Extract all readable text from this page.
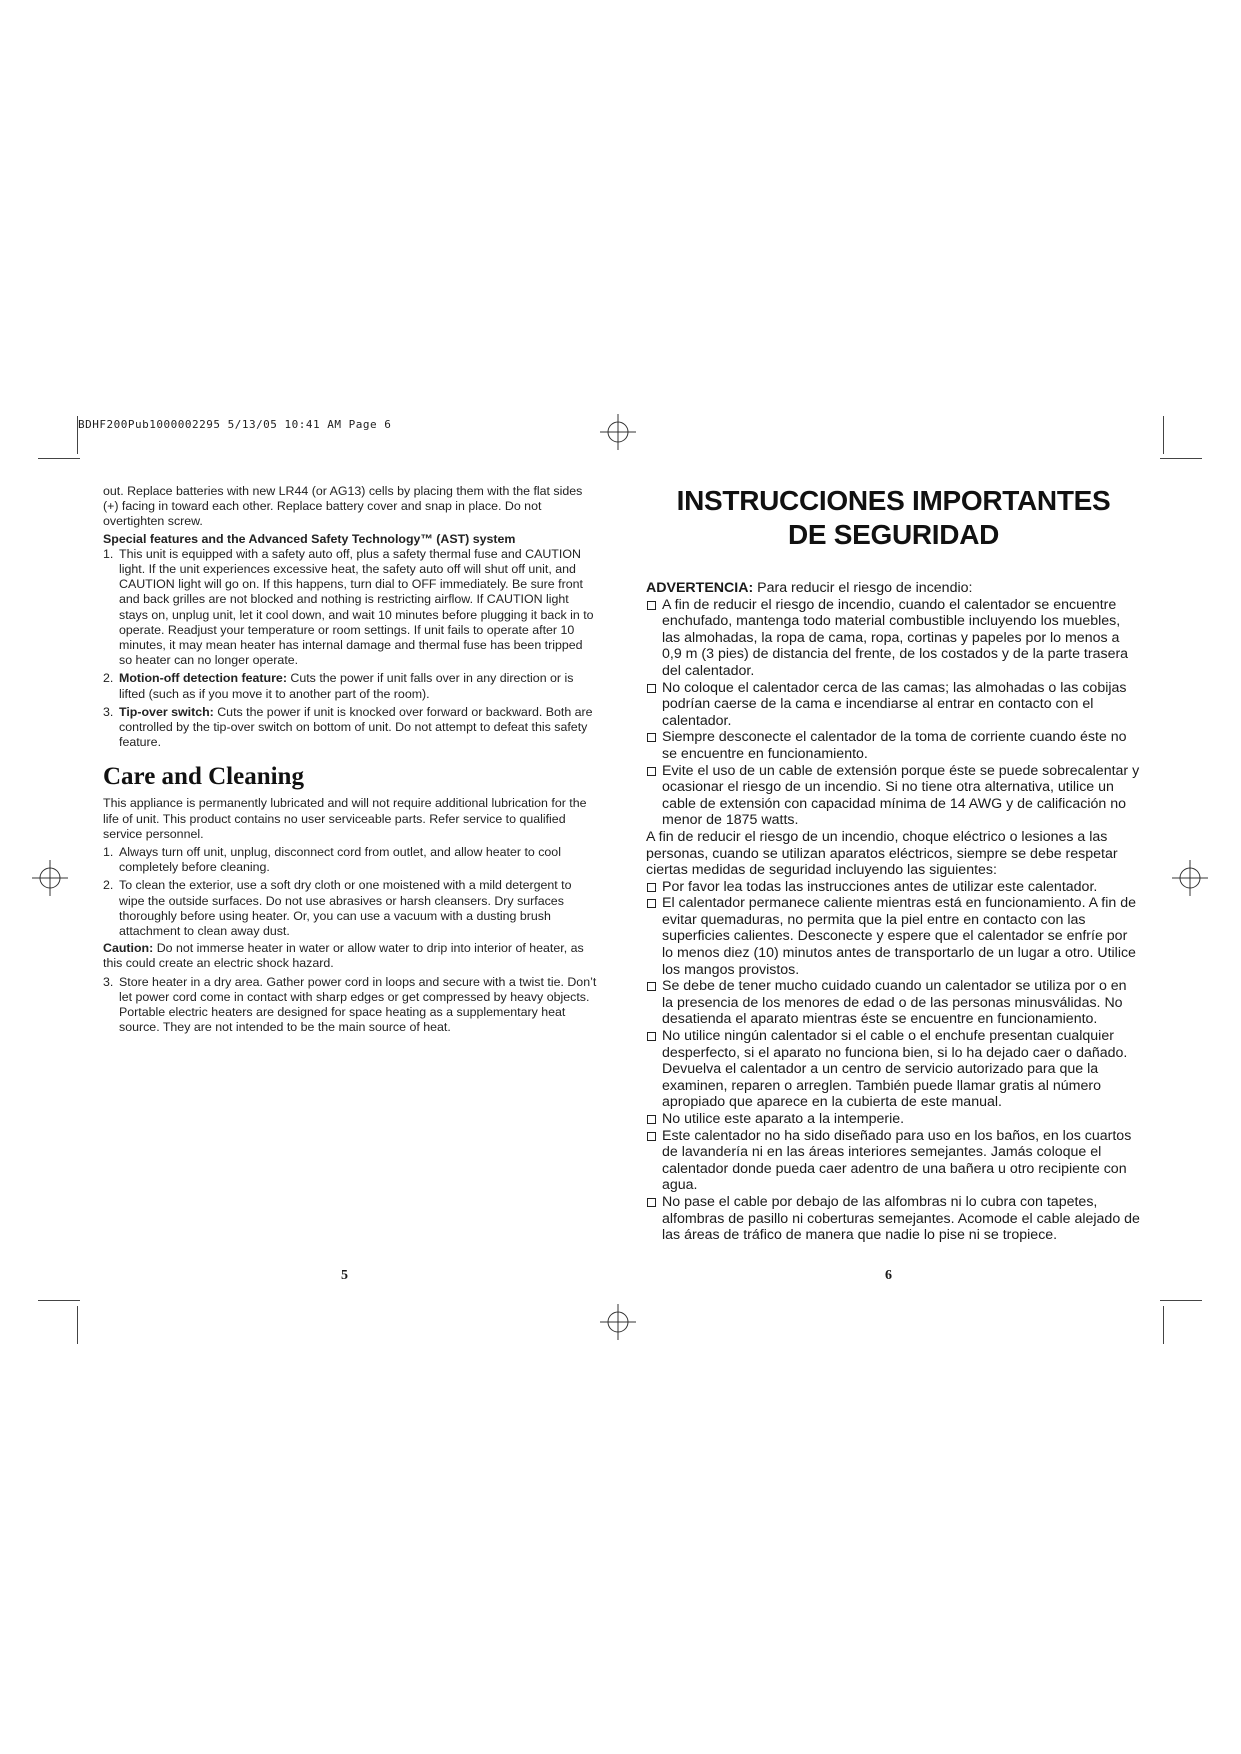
BDHF200Pub1000002295 5/13/05 10:41 AM Page 6

out. Replace batteries with new LR44 (or AG13) cells by placing them with the flat sides (+) facing in toward each other. Replace battery cover and snap in place. Do not overtighten screw.

Special features and the Advanced Safety Technology™ (AST) system

1. This unit is equipped with a safety auto off, plus a safety thermal fuse and CAUTION light. If the unit experiences excessive heat, the safety auto off will shut off unit, and CAUTION light will go on. If this happens, turn dial to OFF immediately. Be sure front and back grilles are not blocked and nothing is restricting airflow. If CAUTION light stays on, unplug unit, let it cool down, and wait 10 minutes before plugging it back in to operate. Readjust your temperature or room settings. If unit fails to operate after 10 minutes, it may mean heater has internal damage and thermal fuse has been tripped so heater can no longer operate.
2. Motion-off detection feature: Cuts the power if unit falls over in any direction or is lifted (such as if you move it to another part of the room).
3. Tip-over switch: Cuts the power if unit is knocked over forward or backward. Both are controlled by the tip-over switch on bottom of unit. Do not attempt to defeat this safety feature.
Care and Cleaning

This appliance is permanently lubricated and will not require additional lubrication for the life of unit. This product contains no user serviceable parts. Refer service to qualified service personnel.

1. Always turn off unit, unplug, disconnect cord from outlet, and allow heater to cool completely before cleaning.
2. To clean the exterior, use a soft dry cloth or one moistened with a mild detergent to wipe the outside surfaces. Do not use abrasives or harsh cleansers. Dry surfaces thoroughly before using heater. Or, you can use a vacuum with a dusting brush attachment to clean away dust.

Caution: Do not immerse heater in water or allow water to drip into interior of heater, as this could create an electric shock hazard.

3. Store heater in a dry area. Gather power cord in loops and secure with a twist tie. Don’t let power cord come in contact with sharp edges or get compressed by heavy objects. Portable electric heaters are designed for space heating as a supplementary heat source. They are not intended to be the main source of heat.
5
INSTRUCCIONES IMPORTANTES
DE SEGURIDAD

ADVERTENCIA: Para reducir el riesgo de incendio:

A fin de reducir el riesgo de incendio, cuando el calentador se encuentre enchufado, mantenga todo material combustible incluyendo los muebles, las almohadas, la ropa de cama, ropa, cortinas y papeles por lo menos a 0,9 m (3 pies) de distancia del frente, de los costados y de la parte trasera del calentador.
No coloque el calentador cerca de las camas; las almohadas o las cobijas podrían caerse de la cama e incendiarse al entrar en contacto con el calentador.
Siempre desconecte el calentador de la toma de corriente cuando éste no se encuentre en funcionamiento.
Evite el uso de un cable de extensión porque éste se puede sobrecalentar y ocasionar el riesgo de un incendio. Si no tiene otra alternativa, utilice un cable de extensión con capacidad mínima de 14 AWG y de calificación no menor de 1875 watts.

A fin de reducir el riesgo de un incendio, choque eléctrico o lesiones a las personas, cuando se utilizan aparatos eléctricos, siempre se debe respetar ciertas medidas de seguridad incluyendo las siguientes:

Por favor lea todas las instrucciones antes de utilizar este calentador.
El calentador permanece caliente mientras está en funcionamiento. A fin de evitar quemaduras, no permita que la piel entre en contacto con las superficies calientes. Desconecte y espere que el calentador se enfríe por lo menos diez (10) minutos antes de transportarlo de un lugar a otro. Utilice los mangos provistos.
Se debe de tener mucho cuidado cuando un calentador se utiliza por o en la presencia de los menores de edad o de las personas minusválidas. No desatienda el aparato mientras éste se encuentre en funcionamiento.
No utilice ningún calentador si el cable o el enchufe presentan cualquier desperfecto, si el aparato no funciona bien, si lo ha dejado caer o dañado. Devuelva el calentador a un centro de servicio autorizado para que la examinen, reparen o arreglen. También puede llamar gratis al número apropiado que aparece en la cubierta de este manual.
No utilice este aparato a la intemperie.
Este calentador no ha sido diseñado para uso en los baños, en los cuartos de lavandería ni en las áreas interiores semejantes. Jamás coloque el calentador donde pueda caer adentro de una bañera u otro recipiente con agua.
No pase el cable por debajo de las alfombras ni lo cubra con tapetes, alfombras de pasillo ni coberturas semejantes. Acomode el cable alejado de las áreas de tráfico de manera que nadie lo pise ni se tropiece.
6
